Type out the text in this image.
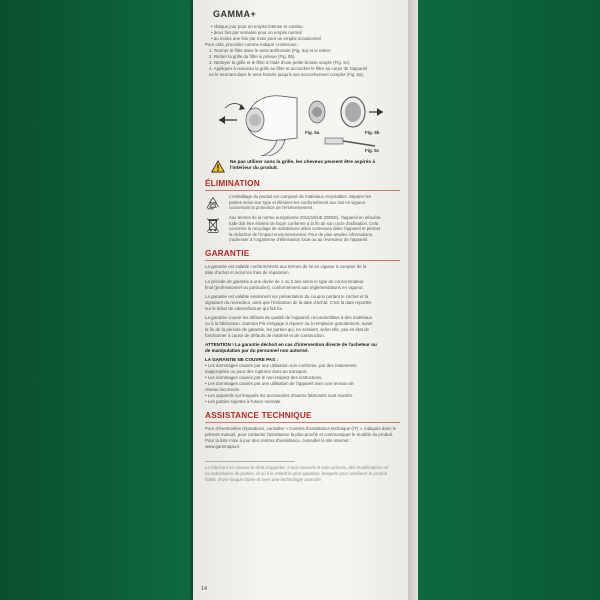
GAMMA+
• chaque jour pour un emploi intense et continu
• deux fois par semaine pour un emploi normal
• au moins une fois par mois pour un emploi occasionnel
Pour cela, procéder comme indiqué ci-dessous :
1. Tourner le filtre dans le sens antihoraire (Fig. 5a) et le retirer.
2. Retirer la grille du filtre si prévue (Fig. 5b).
3. Nettoyer la grille et le filtre à l'aide d'une petite brosse souple (Fig. 5c).
4. Appliquer à nouveau la grille au filtre et accrocher le filtre au corps de l'appareil
en le tournant dans le sens horaire jusqu'à son accrochement complet (Fig. 5a).
Fig. 5a	Fig. 5b
Fig. 5c
Ne pas utiliser sans la grille, les cheveux peuvent être aspirés à
l'intérieur du produit.
ÉLIMINATION
L'emballage du produit est composé de matériaux recyclables. Séparer les
parties selon leur type et éliminez-les conformément aux lois en vigueur
concernant la protection de l'environnement.
Aux termes de la norme européenne 2012/19/UE (DEEE), l'appareil en désuétu-
tude doit être éliminé de façon conforme à la fin de son cycle d'utilisation. Cela
concerne le recyclage de substances utiles contenues dans l'appareil et permet
la réduction de l'impact environnemental. Pour de plus amples informations,
s'adresser à l'organisme d'élimination local ou au revendeur de l'appareil.
GARANTIE
La garantie est valable conformément aux termes de loi en vigueur à compter de la
date d'achat et inclut les frais de réparation.
La période de garantie a une durée de 1 ou 2 ans selon le type de consommateur
final (professionnel ou particulier), conformément aux réglementations en vigueur.
La garantie est valable seulement sur présentation du coupon portant le cachet et la
signature du revendeur, ainsi que l'indication de la date d'achat. C'est la date reportée
sur le ticket de caisse/facture qui fait foi.
La garantie couvre les défauts de qualité de l'appareil, reconductibles à des matériaux
ou à la fabrication. Gamma Più s'engage à réparer ou à remplacer gratuitement, avant
la fin de la période de garantie, les parties qui, ne seraient, selon elle, pas en état de
fonctionner à cause de défauts de matériel et de construction.
ATTENTION ! La garantie déchoit en cas d'intervention directe de l'acheteur ou
de manipulation par du personnel non autorisé.
LA GARANTIE NE COUVRE PAS :
• Les dommages causés par une utilisation non conforme, par des traitements
inappropriés ou pour des ruptures dues au transport.
• Les dommages causés par le non-respect des instructions.
• Les dommages causés par une utilisation de l'appareil avec une tension de
réseau incorrecte.
• Les appareils sur lesquels les accessoires d'autres fabricants sont montés.
• Les parties sujettes à l'usure normale.
ASSISTANCE TECHNIQUE
Pour d'éventuelles réparations, consulter « Centres d'assistance technique (IT) », indiqués dans le
présent manuel, pour contacter l'assistance la plus proche et communiquer le modèle du produit.
Pour la liste mise à jour des centres d'assistance, consulter le site internet :
www.gammapiu.it
Le fabricant se réserve le droit d'apporter, à tout moment et sans préavis, des modifications et/
ou substitution de parties, là où il le retient le plus opportun, lesquels pour améliorer le produit
fiable, d'une longue durée et avec une technologie avancée.
14
